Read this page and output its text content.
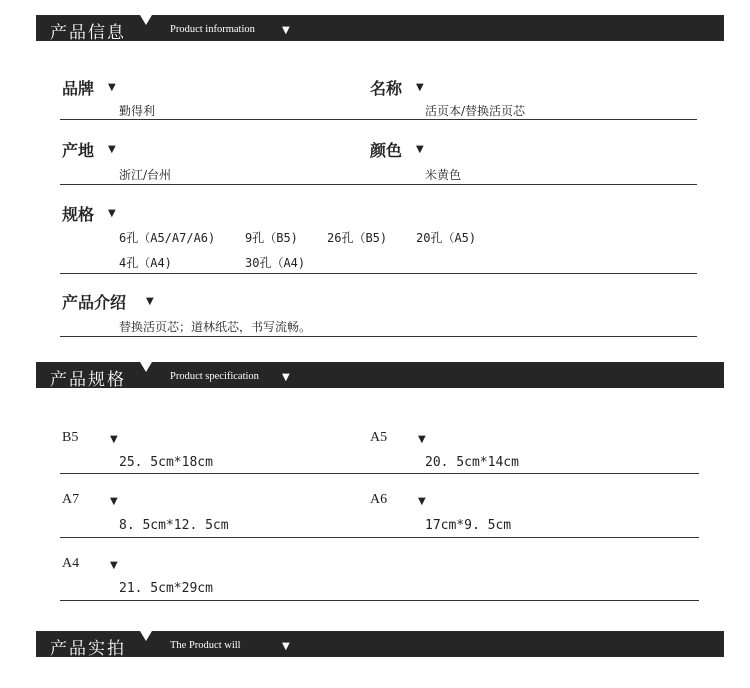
产品信息	Product information	▼
品牌 ▼
勤得利
名称 ▼
活页本/替换活页芯
产地 ▼
浙江/台州
颜色 ▼
米黄色
规格 ▼
6孔（A5/A7/A6) 9孔（B5) 26孔（B5) 20孔（A5)
4孔（A4)	30孔（A4)
产品介绍 ▼
替换活页芯；道林纸芯，书写流畅。
产品规格	Product specification ▼
B5	▼
25. 5cm*18cm
A5	▼
20. 5cm*14cm
A7	▼
8. 5cm*12. 5cm
A6	▼
17cm*9. 5cm
A4	▼
21. 5cm*29cm
产品实拍	The Product will	▼
